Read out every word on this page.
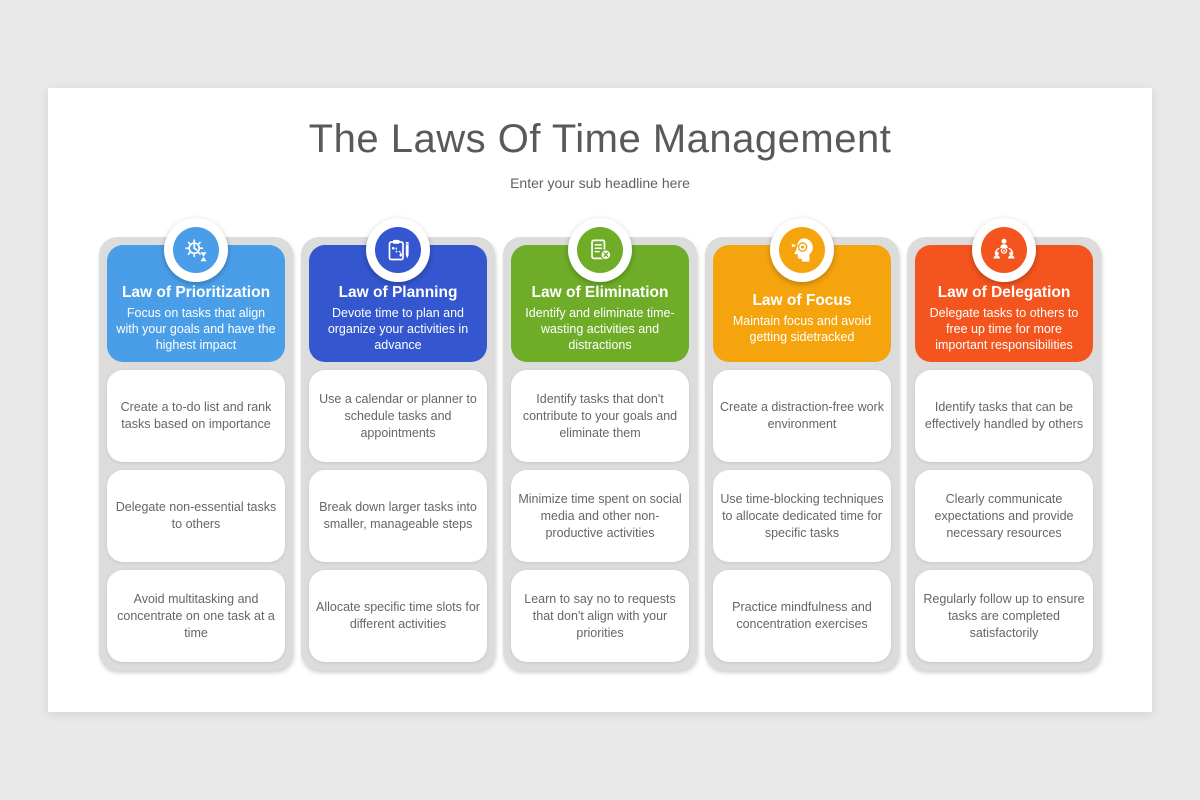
The Laws Of Time Management
Enter your sub headline here
Law of Prioritization
Focus on tasks that align with your goals and have the highest impact
Create a to-do list and rank tasks based on importance
Delegate non-essential tasks to others
Avoid multitasking and concentrate on one task at a time
Law of Planning
Devote time to plan and organize your activities in advance
Use a calendar or planner to schedule tasks and appointments
Break down larger tasks into smaller, manageable steps
Allocate specific time slots for different activities
Law of Elimination
Identify and eliminate time-wasting activities and distractions
Identify tasks that don't contribute to your goals and eliminate them
Minimize time spent on social media and other non-productive activities
Learn to say no to requests that don't align with your priorities
Law of Focus
Maintain focus and avoid getting sidetracked
Create a distraction-free work environment
Use time-blocking techniques to allocate dedicated time for specific tasks
Practice mindfulness and concentration exercises
Law of Delegation
Delegate tasks to others to free up time for more important responsibilities
Identify tasks that can be effectively handled by others
Clearly communicate expectations and provide necessary resources
Regularly follow up to ensure tasks are completed satisfactorily
